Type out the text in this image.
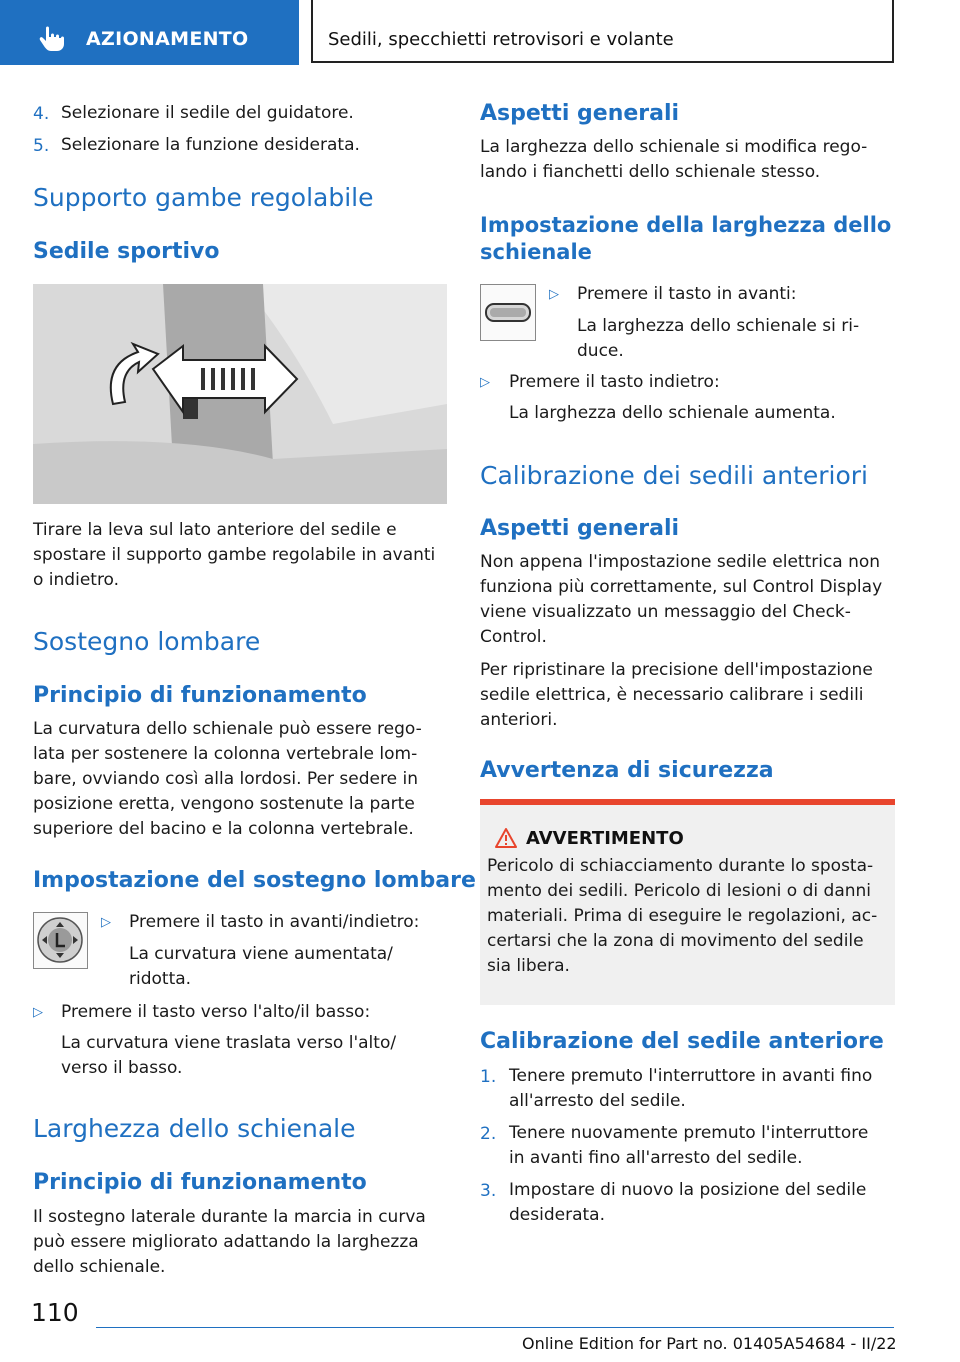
AZIONAMENTO	Sedili, specchietti retrovisori e volante
4. Selezionare il sedile del guidatore.
5. Selezionare la funzione desiderata.
Supporto gambe regolabile
Sedile sportivo

Tirare la leva sul lato anteriore del sedile e
spostare il supporto gambe regolabile in avanti
o indietro.

Sostegno lombare
Principio di funzionamento

La curvatura dello schienale può essere rego-
lata per sostenere la colonna vertebrale lom-
bare, ovviando così alla lordosi. Per sedere in
posizione eretta, vengono sostenute la parte
superiore del bacino e la colonna vertebrale.

Impostazione del sostegno lombare
▷ Premere il tasto in avanti/indietro:

La curvatura viene aumentata/
ridotta.

▷ Premere il tasto verso l'alto/il basso:

La curvatura viene traslata verso l'alto/
verso il basso.

Larghezza dello schienale
Principio di funzionamento

Il sostegno laterale durante la marcia in curva
può essere migliorato adattando la larghezza
dello schienale.

Aspetti generali

La larghezza dello schienale si modifica rego-
lando i fianchetti dello schienale stesso.

Impostazione della larghezza dello
schienale
▷ Premere il tasto in avanti:

La larghezza dello schienale si ri-
duce.

▷ Premere il tasto indietro:
La larghezza dello schienale aumenta.
Calibrazione dei sedili anteriori
Aspetti generali

Non appena l'impostazione sedile elettrica non
funziona più correttamente, sul Control Display
viene visualizzato un messaggio del Check-
Control.

Per ripristinare la precisione dell'impostazione
sedile elettrica, è necessario calibrare i sedili
anteriori.

Avvertenza di sicurezza
AVVERTIMENTO

Pericolo di schiacciamento durante lo sposta-
mento dei sedili. Pericolo di lesioni o di danni
materiali. Prima di eseguire le regolazioni, ac-
certarsi che la zona di movimento del sedile
sia libera.

Calibrazione del sedile anteriore
1. Tenere premuto l'interruttore in avanti fino
all'arresto del sedile.

2. Tenere nuovamente premuto l'interruttore
in avanti fino all'arresto del sedile.

3. Impostare di nuovo la posizione del sedile
desiderata.

110
Online Edition for Part no. 01405A54684 - II/22
